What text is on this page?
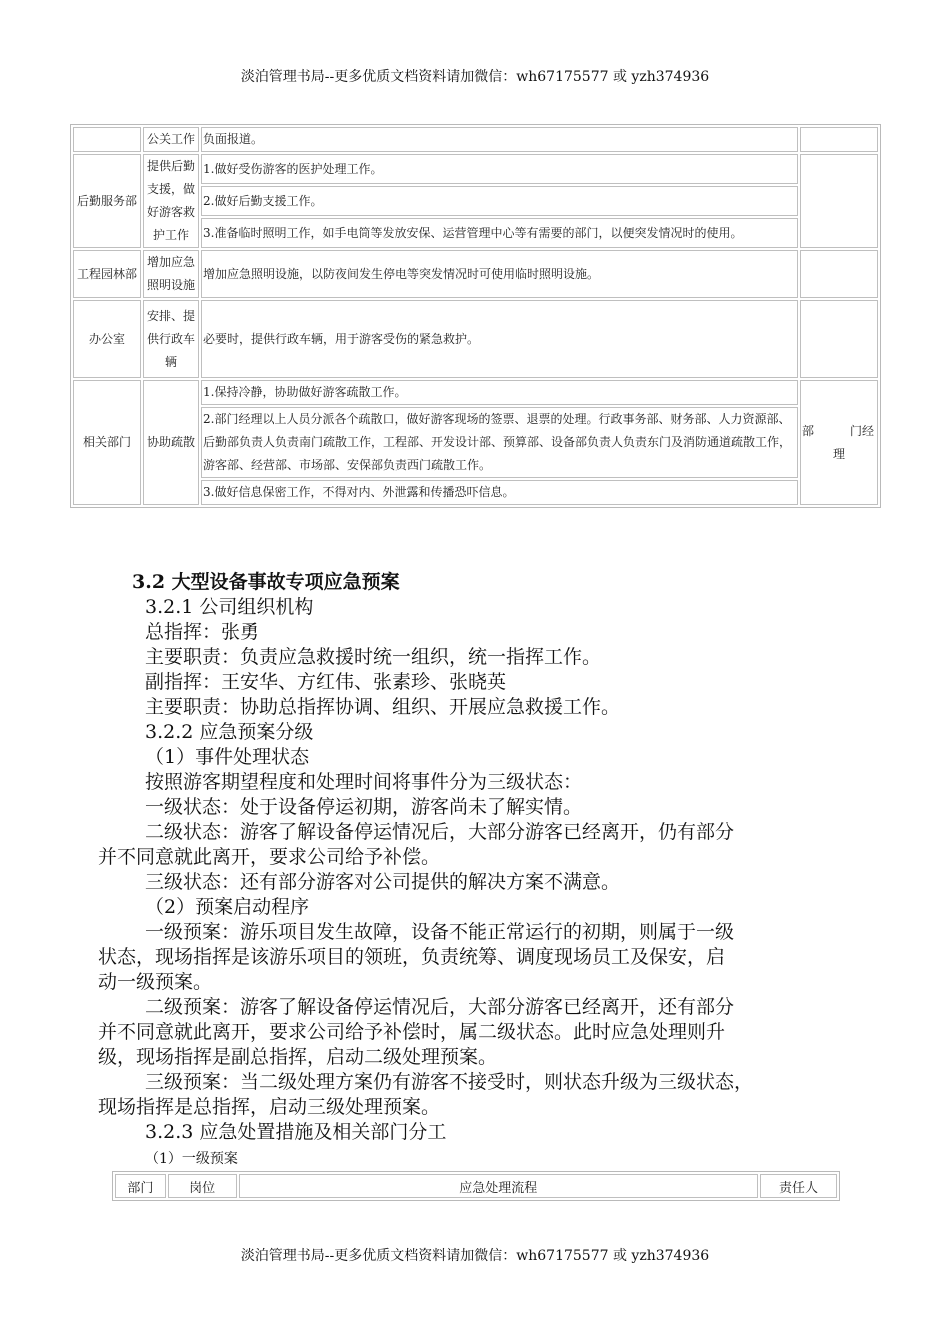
淡泊管理书局--更多优质文档资料请加微信：wh67175577 或 yzh374936
	公关工作	负面报道。	
后勤服务部	提供后勤支援，做好游客救护工作	1.做好受伤游客的医护处理工作。	
		2.做好后勤支援工作。	
		3.准备临时照明工作，如手电筒等发放安保、运营管理中心等有需要的部门，以便突发情况时的使用。	
工程园林部	增加应急照明设施	增加应急照明设施，以防夜间发生停电等突发情况时可使用临时照明设施。	
办公室	安排、提供行政车辆	必要时，提供行政车辆，用于游客受伤的紧急救护。	
相关部门	协助疏散	1.保持冷静，协助做好游客疏散工作。	部 门经
理

		2.部门经理以上人员分派各个疏散口，做好游客现场的签票、退票的处理。行政事务部、财务部、人力资源部、后勤部负责人负责南门疏散工作，工程部、开发设计部、预算部、设备部负责人负责东门及消防通道疏散工作，游客部、经营部、市场部、安保部负责西门疏散工作。	
		3.做好信息保密工作，不得对内、外泄露和传播恐吓信息。	
3.2 大型设备事故专项应急预案
3.2.1 公司组织机构
总指挥：张勇
主要职责：负责应急救援时统一组织，统一指挥工作。
副指挥：王安华、方红伟、张素珍、张晓英
主要职责：协助总指挥协调、组织、开展应急救援工作。
3.2.2 应急预案分级
（1）事件处理状态
按照游客期望程度和处理时间将事件分为三级状态：
一级状态：处于设备停运初期，游客尚未了解实情。
二级状态：游客了解设备停运情况后，大部分游客已经离开，仍有部分
并不同意就此离开，要求公司给予补偿。
三级状态：还有部分游客对公司提供的解决方案不满意。
（2）预案启动程序
一级预案：游乐项目发生故障，设备不能正常运行的初期，则属于一级
状态，现场指挥是该游乐项目的领班，负责统筹、调度现场员工及保安，启
动一级预案。
二级预案：游客了解设备停运情况后，大部分游客已经离开，还有部分
并不同意就此离开，要求公司给予补偿时，属二级状态。此时应急处理则升
级，现场指挥是副总指挥，启动二级处理预案。
三级预案：当二级处理方案仍有游客不接受时，则状态升级为三级状态，
现场指挥是总指挥，启动三级处理预案。
3.2.3 应急处置措施及相关部门分工
（1）一级预案
部门	岗位	应急处理流程	责任人
淡泊管理书局--更多优质文档资料请加微信：wh67175577 或 yzh374936
